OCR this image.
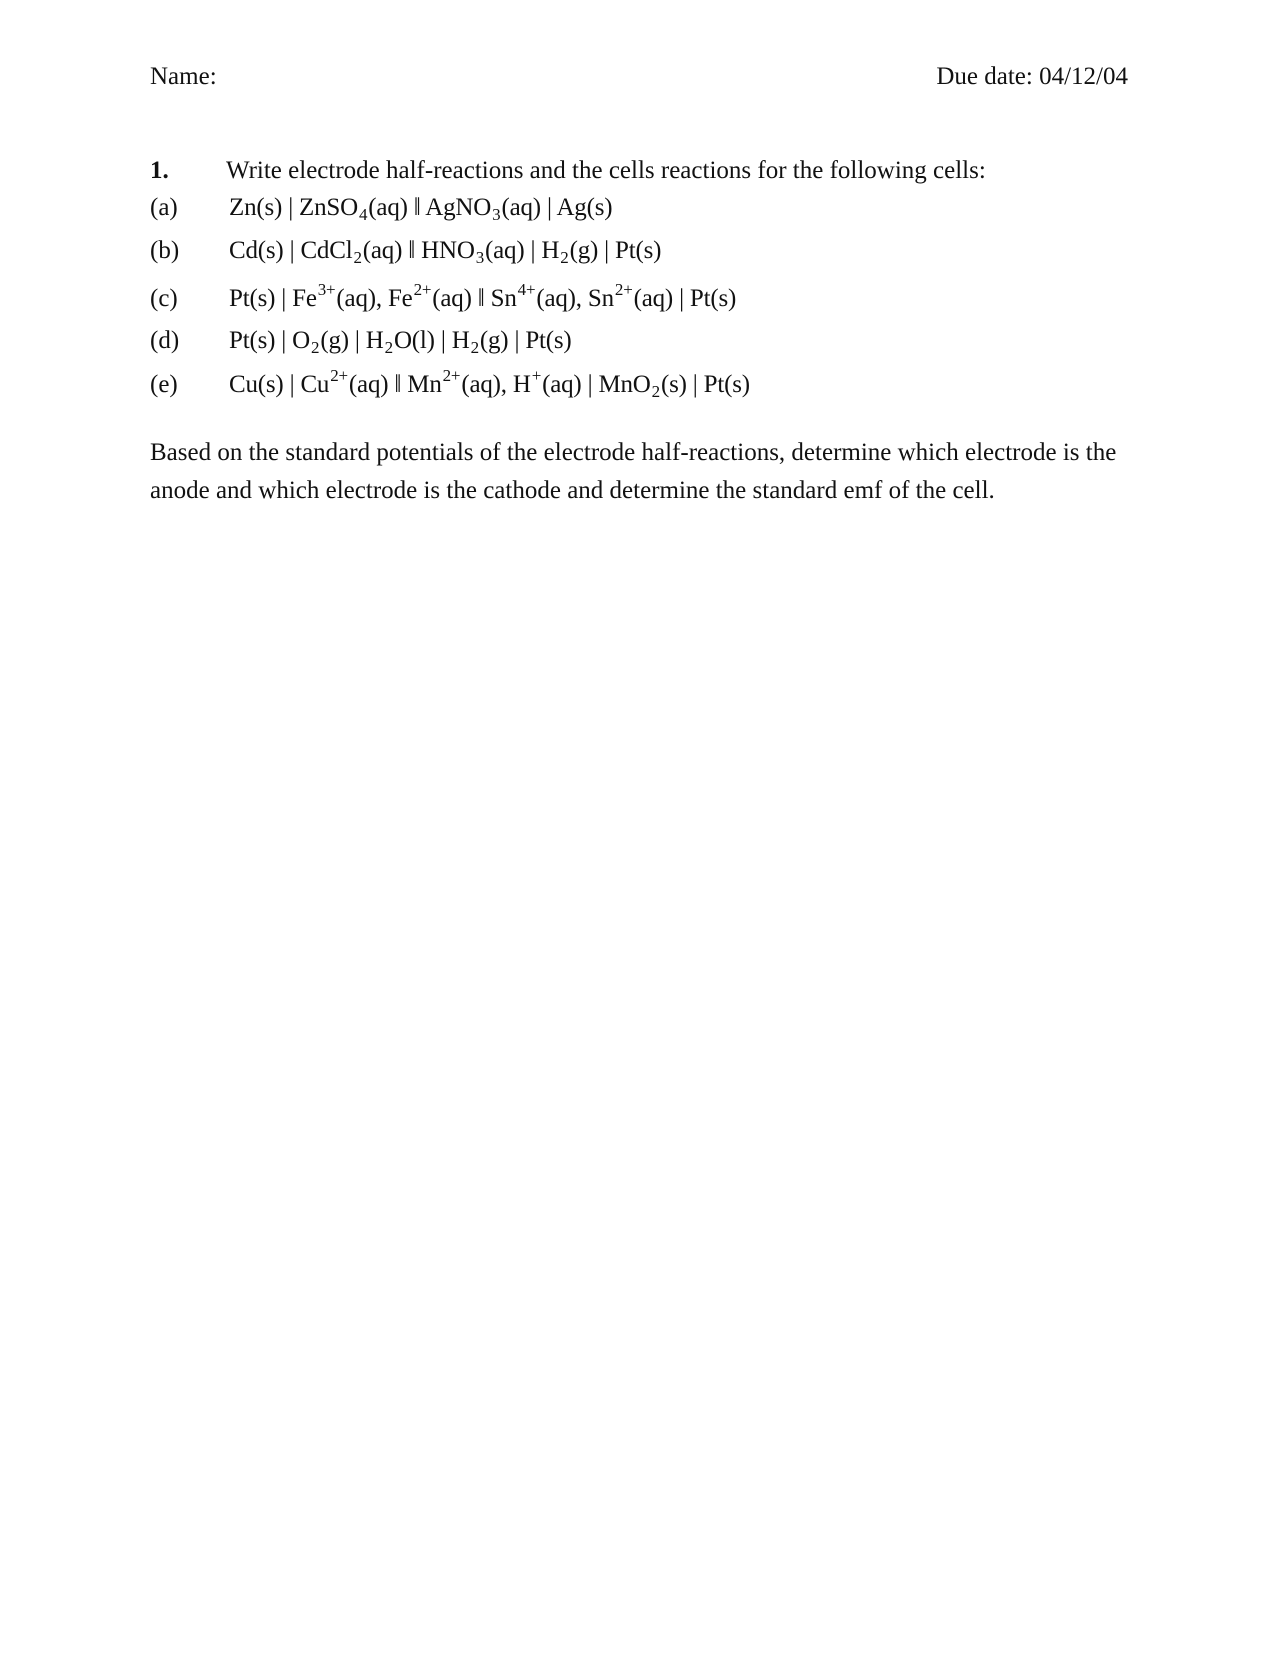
Name:	Due date: 04/12/04
1. Write electrode half-reactions and the cells reactions for the following cells:
(a) Zn(s) | ZnSO$_4$(aq) ‖ AgNO$_3$(aq) | Ag(s)
(b) Cd(s) | CdCl$_2$(aq) ‖ $HNO_3(aq)$ | $H_2(g)$ | Pt(s)
(c) Pt(s) | $Fe^{3+}(aq)$, $Fe^{2+}(aq)$ ‖ $Sn^{4+}(aq)$, $Sn^{2+}(aq)$ | Pt(s)
(d) Pt(s) | $O_2(g)$ | $H_2O(l)$ | $H_2(g)$ | Pt(s)
(e) Cu(s) | $Cu^{2+}(aq)$ ‖ $Mn^{2+}(aq)$, H+(aq) | MnO$_2$(s) | Pt(s)
Based on the standard potentials of the electrode half-reactions, determine which electrode is the anode and which electrode is the cathode and determine the standard emf of the cell.
